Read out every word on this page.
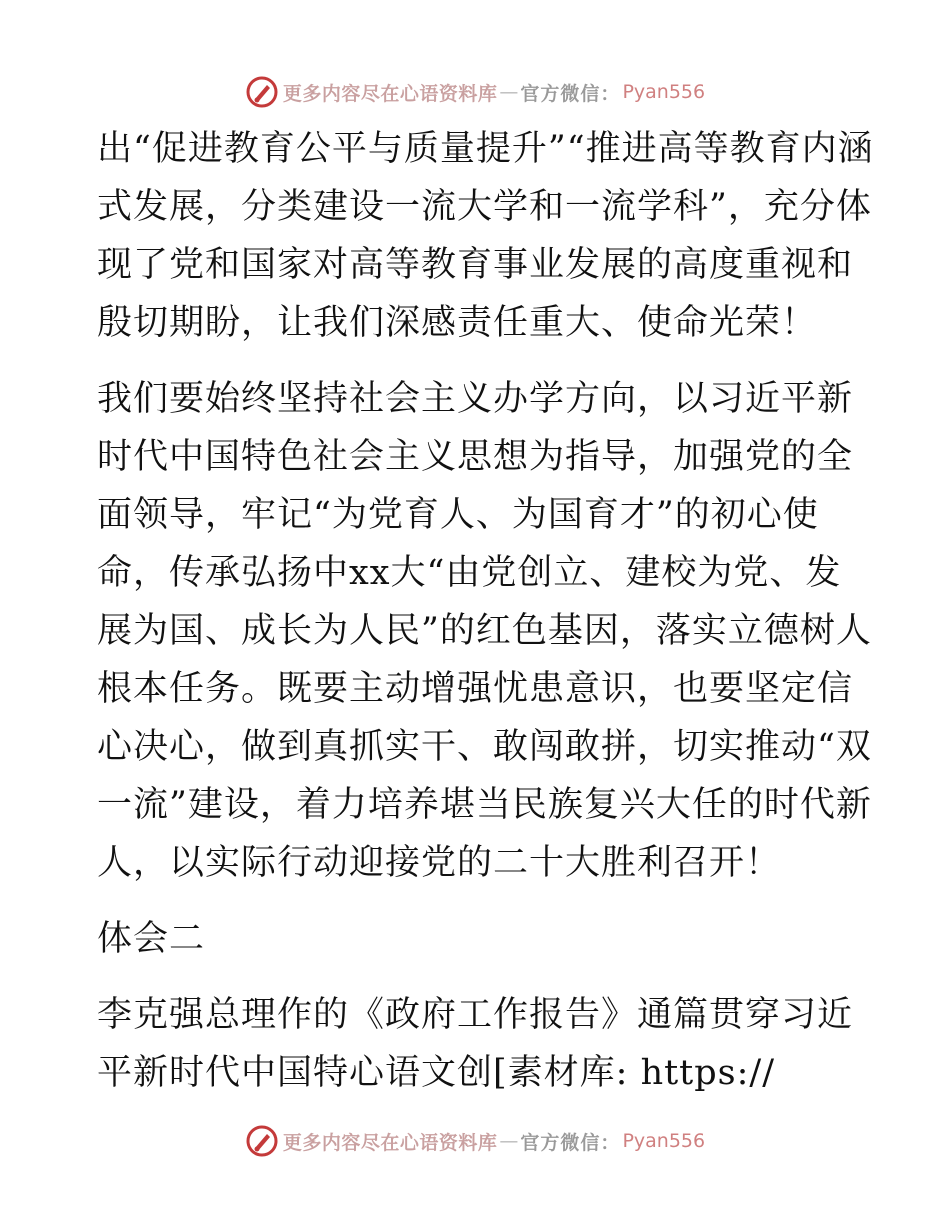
更多内容尽在心语资料库 — 官方微信： Pyan556

出“促进教育公平与质量提升”“推进高等教育内涵式发展，分类建设一流大学和一流学科”，充分体现了党和国家对高等教育事业发展的高度重视和殷切期盼，让我们深感责任重大、使命光荣！

我们要始终坚持社会主义办学方向，以习近平新时代中国特色社会主义思想为指导，加强党的全面领导，牢记“为党育人、为国育才”的初心使命，传承弘扬中xx大“由党创立、建校为党、发展为国、成长为人民”的红色基因，落实立德树人根本任务。既要主动增强忧患意识，也要坚定信心决心，做到真抓实干、敢闯敢拼，切实推动“双一流”建设，着力培养堪当民族复兴大任的时代新人，以实际行动迎接党的二十大胜利召开！

体会二

李克强总理作的《政府工作报告》通篇贯穿习近平新时代中国特心语文创[素材库: https://

更多内容尽在心语资料库 — 官方微信： Pyan556
